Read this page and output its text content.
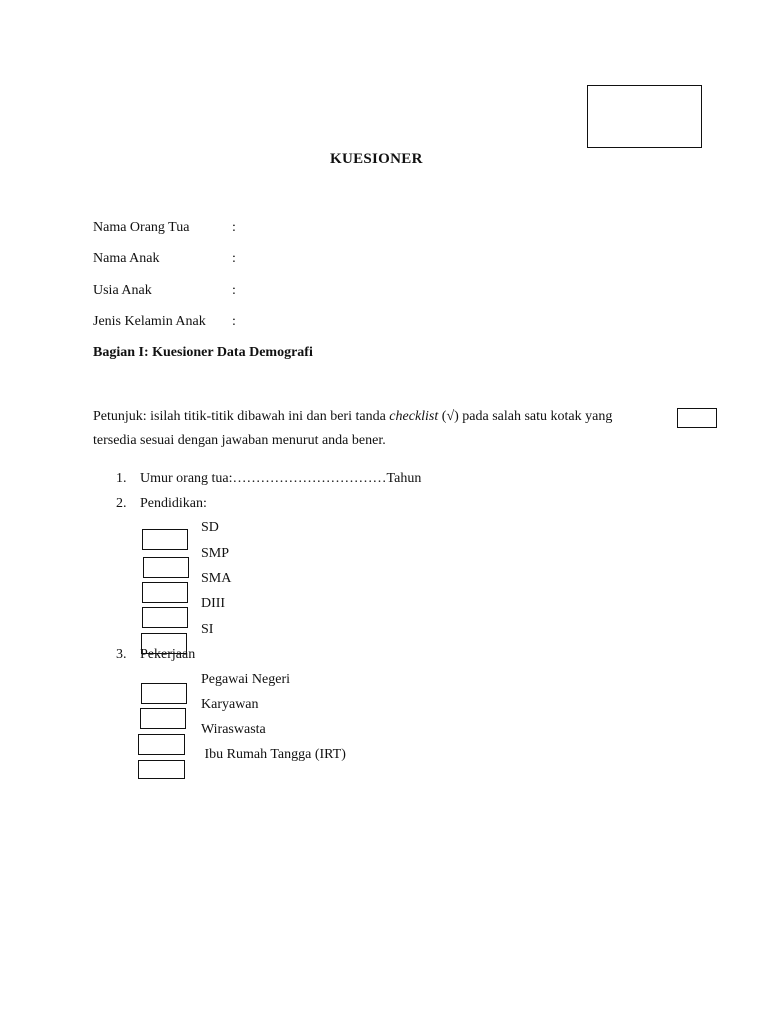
KUESIONER
Nama Orang Tua	:
Nama Anak	:
Usia Anak	:
Jenis Kelamin Anak :
Bagian I: Kuesioner Data Demografi
Petunjuk: isilah titik-titik dibawah ini dan beri tanda checklist (√) pada salah satu kotak yang
tersedia sesuai dengan jawaban menurut anda bener.
1. Umur orang tua:……………………………Tahun
2. Pendidikan:
SD
SMP
SMA
DIII
SI
3. Pekerjaan
Pegawai Negeri
Karyawan
Wiraswasta
Ibu Rumah Tangga (IRT)
